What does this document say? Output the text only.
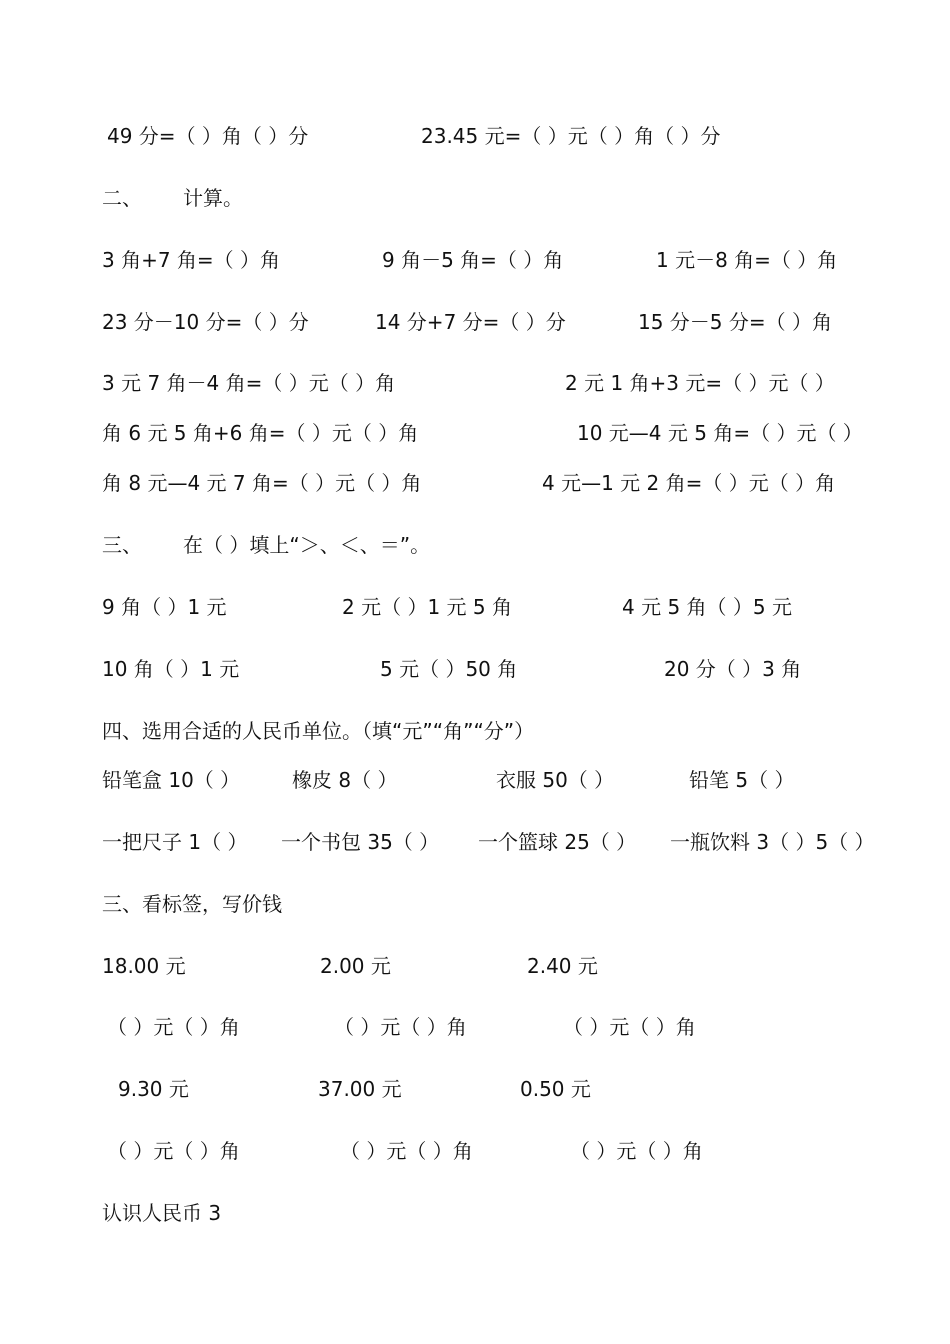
49 分=（ ）角（ ）分

	23.45 元=（ ）元（ ）角（ ）分

二、

计算。

3 角+7 角=（ ）角

	9 角－5 角=（ ）角

	1 元－8 角=（ ）角

23 分－10 分=（ ）分

	14 分+7 分=（ ）分

	15 分－5 分=（ ）角

3 元 7 角－4 角=（ ）元（ ）角

	2 元 1 角+3 元=（ ）元（ ）

角 6 元 5 角+6 角=（ ）元（ ）角

	10 元—4 元 5 角=（ ）元（ ）

角 8 元—4 元 7 角=（ ）元（ ）角

	4 元—1 元 2 角=（ ）元（ ）角

三、

在（ ）填上“＞、＜、＝”。

9 角（ ）1 元

	2 元（ ）1 元 5 角

	4 元 5 角（ ）5 元

10 角（ ）1 元

	5 元（ ）50 角

	20 分（ ）3 角

四、选用合适的人民币单位。（填“元”“角”“分”）

铅笔盒 10（ ）

	橡皮 8（ ）

	衣服 50（ ）

	铅笔 5（ ）

一把尺子 1（ ）

一个书包 35（ ）

一个篮球 25（ ）

一瓶饮料 3（ ）5（ ）

三、看标签，写价钱

18.00 元

	2.00 元

	2.40 元

（ ）元（ ）角

	（ ）元（ ）角

	（ ）元（ ）角

9.30 元

	37.00 元

	0.50 元

（ ）元（ ）角

	（ ）元（ ）角

	（ ）元（ ）角

认识人民币 3
